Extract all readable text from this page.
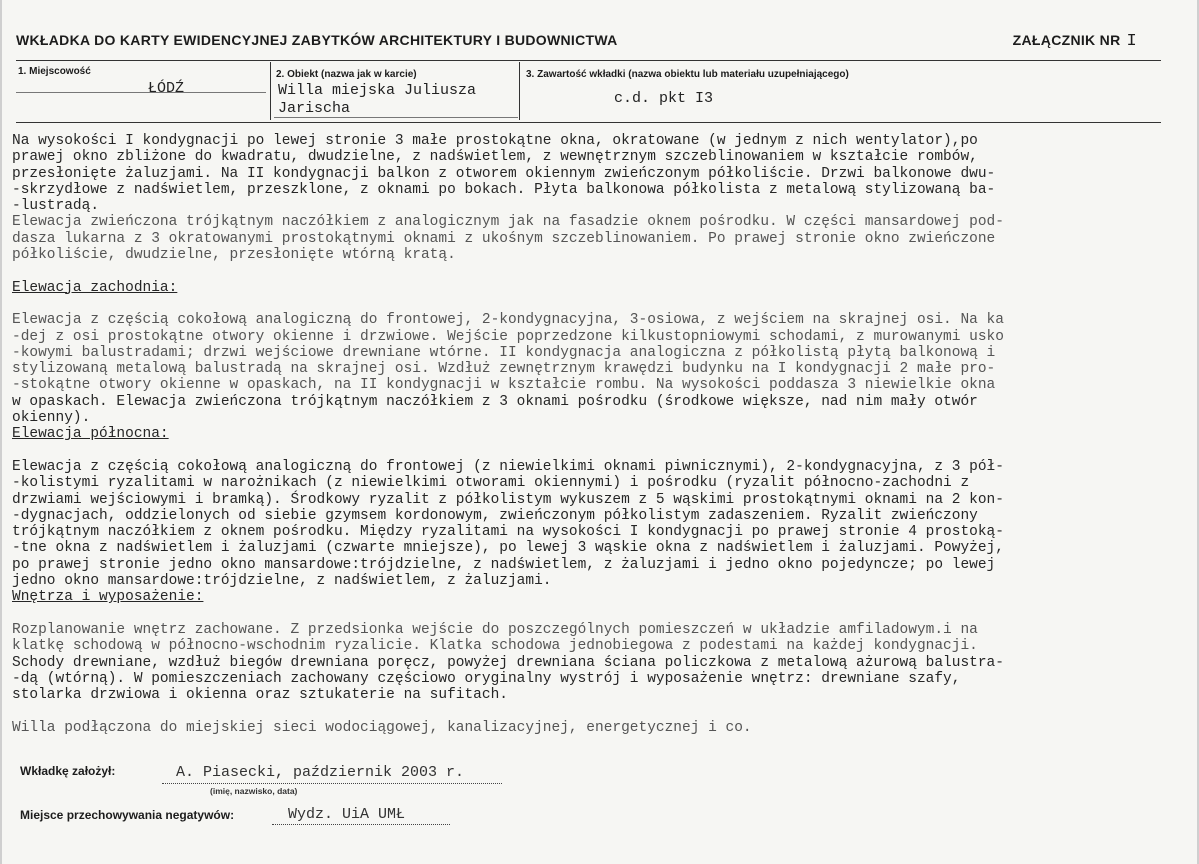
WKŁADKA DO KARTY EWIDENCYJNEJ ZABYTKÓW ARCHITEKTURY I BUDOWNICTWA	ZAŁĄCZNIK NR I
1. Miejscowość
ŁÓDŹ
2. Obiekt (nazwa jak w karcie)
Willa miejska Juliusza
Jarischa
3. Zawartość wkładki (nazwa obiektu lub materiału uzupełniającego)
c.d. pkt I3
Na wysokości I kondygnacji po lewej stronie 3 małe prostokątne okna, okratowane (w jednym z nich wentylator),po
prawej okno zbliżone do kwadratu, dwudzielne, z nadświetlem, z wewnętrznym szczeblinowaniem w kształcie rombów,
przesłonięte żaluzjami. Na II kondygnacji balkon z otworem okiennym zwieńczonym półkoliście. Drzwi balkonowe dwu-
-skrzydłowe z nadświetlem, przeszklone, z oknami po bokach. Płyta balkonowa półkolista z metalową stylizowaną ba-
-lustradą.
Elewacja zwieńczona trójkątnym naczółkiem z analogicznym jak na fasadzie oknem pośrodku. W części mansardowej pod-
dasza lukarna z 3 okratowanymi prostokątnymi oknami z ukośnym szczeblinowaniem. Po prawej stronie okno zwieńczone
półkoliście, dwudzielne, przesłonięte wtórną kratą.

Elewacja zachodnia:

Elewacja z częścią cokołową analogiczną do frontowej, 2-kondygnacyjna, 3-osiowa, z wejściem na skrajnej osi. Na ka
-dej z osi prostokątne otwory okienne i drzwiowe. Wejście poprzedzone kilkustopniowymi schodami, z murowanymi usko
-kowymi balustradami; drzwi wejściowe drewniane wtórne. II kondygnacja analogiczna z półkolistą płytą balkonową i
stylizowaną metalową balustradą na skrajnej osi. Wzdłuż zewnętrznym krawędzi budynku na I kondygnacji 2 małe pro-
-stokątne otwory okienne w opaskach, na II kondygnacji w kształcie rombu. Na wysokości poddasza 3 niewielkie okna
w opaskach. Elewacja zwieńczona trójkątnym naczółkiem z 3 oknami pośrodku (środkowe większe, nad nim mały otwór
okienny).
Elewacja północna:

Elewacja z częścią cokołową analogiczną do frontowej (z niewielkimi oknami piwnicznymi), 2-kondygnacyjna, z 3 pół-
-kolistymi ryzalitami w narożnikach (z niewielkimi otworami okiennymi) i pośrodku (ryzalit północno-zachodni z
drzwiami wejściowymi i bramką). Środkowy ryzalit z półkolistym wykuszem z 5 wąskimi prostokątnymi oknami na 2 kon-
-dygnacjach, oddzielonych od siebie gzymsem kordonowym, zwieńczonym półkolistym zadaszeniem. Ryzalit zwieńczony
trójkątnym naczółkiem z oknem pośrodku. Między ryzalitami na wysokości I kondygnacji po prawej stronie 4 prostoką-
-tne okna z nadświetlem i żaluzjami (czwarte mniejsze), po lewej 3 wąskie okna z nadświetlem i żaluzjami. Powyżej,
po prawej stronie jedno okno mansardowe:trójdzielne, z nadświetlem, z żaluzjami i jedno okno pojedyncze; po lewej
jedno okno mansardowe:trójdzielne, z nadświetlem, z żaluzjami.
Wnętrza i wyposażenie:

Rozplanowanie wnętrz zachowane. Z przedsionka wejście do poszczególnych pomieszczeń w układzie amfiladowym.i na
klatkę schodową w północno-wschodnim ryzalicie. Klatka schodowa jednobiegowa z podestami na każdej kondygnacji.
Schody drewniane, wzdłuż biegów drewniana poręcz, powyżej drewniana ściana policzkowa z metalową ażurową balustra-
-dą (wtórną). W pomieszczeniach zachowany częściowo oryginalny wystrój i wyposażenie wnętrz: drewniane szafy,
stolarka drzwiowa i okienna oraz sztukaterie na sufitach.

Willa podłączona do miejskiej sieci wodociągowej, kanalizacyjnej, energetycznej i co.
Wkładkę założył:	A. Piasecki, październik 2003 r.
(imię, nazwisko, data)
Miejsce przechowywania negatywów:	Wydz. UiA UMŁ
